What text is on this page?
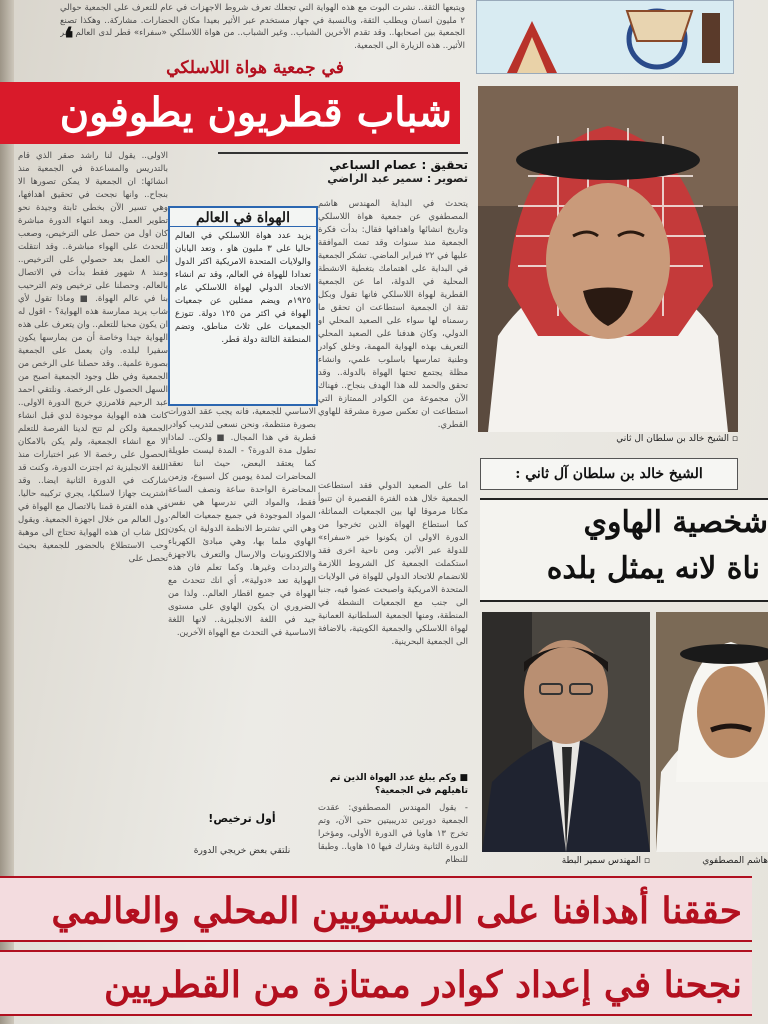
ويتبعها الثقة.. نشرت البوت مع هذه الهواية التي تجعلك تعرف شروط الاجهزات في عام للتعرف على الجمعية حوالي ٢ مليون انسان ويطلب الثقة، وبالنسبة في جهاز مستخدم عبر الأثير بعيدا مكان الحضارات. مشاركة.. وهكذا تصنع الجمعية بين اصحابها.. وقد تقدم الأخرين الشباب.. وغير الشباب.. من هواة اللاسلكي «سفراء» قطر لدى العالم عبر الأثير.. هذه الزيارة الى الجمعية.
❛
في جمعية هواة اللاسلكي
شباب قطريون يطوفون
▫ الشيخ خالد بن سلطان آل ثاني
تحقيق : عصام السباعي
تصوير : سمير عبد الراضي
الاولى.. يقول لنا راشد صقر الذي قام بالتدريس والمساعدة في الجمعية منذ انشائها: ان الجمعية لا يمكن تصورها الا بنجاح.. وانها نجحت في تحقيق اهدافها، وهي تسير الآن بخطى ثابتة وجيدة نحو تطوير العمل. وبعد انتهاء الدورة مباشرة كان اول من حصل على الترخيص، وصعب التحدث على الهواء مباشرة.. وقد انتقلت الى العمل بعد حصولي على الترخيص.. ومنذ ٨ شهور فقط بدأت في الاتصال بالعالم. وحصلنا على ترخيص وتم الترحيب بنا في عالم الهواة. ■ وماذا تقول لأي شاب يريد ممارسة هذه الهواية؟ - اقول له ان يكون محبا للتعلم.. وان يتعرف على هذه الهواية جيدا وخاصة أن من يمارسها يكون سفيرا لبلده. وان يعمل على الجمعية بصورة علمية.. وقد حصلنا على الرخص من الجمعية وفي ظل وجود الجمعية اصبح من السهل الحصول على الرخصة. ونلتقي احمد عبد الرحيم فلامرزي خريج الدورة الاولى.. كانت هذه الهواية موجودة لدي قبل انشاء الجمعية ولكن لم تتح لدينا الفرصة للتعلم الا مع انشاء الجمعية، ولم يكن بالامكان الحصول على رخصة الا عبر اختبارات منذ اللغة الانجليزية ثم اجتزت الدورة، وكنت قد شاركت في الدورة الثانية ايضا.. وقد اشتريت جهازا لاسلكيا، يجري تركيبه حاليا. في هذه الفترة قمنا بالاتصال مع الهواة في دول العالم من خلال اجهزة الجمعية. ويقول لكل شاب ان هذه الهواية تحتاج الى موهبة وحب الاستطلاع بالحضور للجمعية بحيث تحصل على
الهواة في العالم
يزيد عدد هواة اللاسلكي في العالم حاليا على ٣ مليون هاو ، وتعد اليابان والولايات المتحدة الامريكية اكثر الدول تعدادا للهواة في العالم، وقد تم انشاء الاتحاد الدولي لهواة اللاسلكي عام ١٩٢٥م ويضم ممثلين عن جمعيات الهواة في اكثر من ١٢٥ دولة. تتوزع الجمعيات على ثلاث مناطق، وتضم المنطقة الثالثة دولة قطر.
يتحدث في البداية المهندس هاشم المصطفوي عن جمعية هواة اللاسلكي وتاريخ انشائها واهدافها فقال: بدأت فكرة الجمعية منذ سنوات وقد تمت الموافقة عليها في ٢٢ فبراير الماضي. تشكر الجمعية في البداية على اهتمامك بتغطية الانشطة المحلية في الدولة، اما عن الجمعية القطرية لهواة اللاسلكي فانها تقول وبكل ثقة ان الجمعية استطاعت ان تحقق ما رسمناه لها سواء على الصعيد المحلي او الدولي، وكان هدفنا على الصعيد المحلي التعريف بهذه الهواية المهمة، وخلق كوادر وطنية تمارسها باسلوب علمي، وانشاء مظلة يجتمع تحتها الهواة بالدولة.. وقد تحقق والحمد لله هذا الهدف بنجاح.. فهناك الآن مجموعة من الكوادر الممتازة التي استطاعت ان تعكس صورة مشرقة للهاوي القطري.
الاساسي للجمعية، فانه يجب عقد الدورات بصورة منتظمة، ونحن نسعى لتدريب كوادر قطرية في هذا المجال. ■ ولكن.. لماذا تطول مدة الدورة؟ - المدة ليست طويلة كما يعتقد البعض، حيث اننا نعقد المحاضرات لمدة يومين كل اسبوع، وزمن المحاضرة الواحدة ساعة ونصف الساعة فقط، والمواد التي ندرسها هي نفس المواد الموجودة في جميع جمعيات العالم. وهي التي تشترط الانظمة الدولية ان يكون الهاوي ملما بها، وهي مبادئ الكهرباء والالكترونيات والارسال والتعرف بالاجهزة والترددات وغيرها. وكما تعلم فان هذه الهواية تعد «دولية»، أي انك تتحدث مع الهواة في جميع اقطار العالم.. ولذا من الضروري ان يكون الهاوي على مستوى جيد في اللغة الانجليزية.. لانها اللغة الاساسية في التحدث مع الهواة الآخرين.
أول ترخيص!
نلتقي بعض خريجي الدورة
اما على الصعيد الدولي فقد استطاعت الجمعية خلال هذه الفترة القصيرة ان تتبوأ مكانا مرموقا لها بين الجمعيات المماثلة، كما استطاع الهواة الذين تخرجوا من الدورة الاولى ان يكونوا خير «سفراء» للدولة عبر الأثير. ومن ناحية اخرى فقد استكملت الجمعية كل الشروط اللازمة للانضمام للاتحاد الدولي للهواة في الولايات المتحدة الامريكية واصبحت عضوا فيه، جنبا الى جنب مع الجمعيات النشطة في المنطقة، ومنها الجمعية السلطانية العمانية لهواة اللاسلكي والجمعية الكويتية، بالاضافة الى الجمعية البحرينية.
■ وكم يبلغ عدد الهواة الذين تم تاهيلهم في الجمعية؟
- يقول المهندس المصطفوي: عقدت الجمعية دورتين تدريبيتين حتى الآن، وتم تخرج ١٣ هاويا في الدورة الأولى، ومؤخرا الدورة الثانية وشارك فيها ١٥ هاويا.. وطبقا للنظام
الشيخ خالد بن سلطان آل ثاني :
شخصية الهاوي
ناة لانه يمثل بلده
▫ المهندس سمير البطة	هاشم المصطفوي
حققنا أهدافنا على المستويين المحلي والعالمي
نجحنا في إعداد كوادر ممتازة من القطريين
